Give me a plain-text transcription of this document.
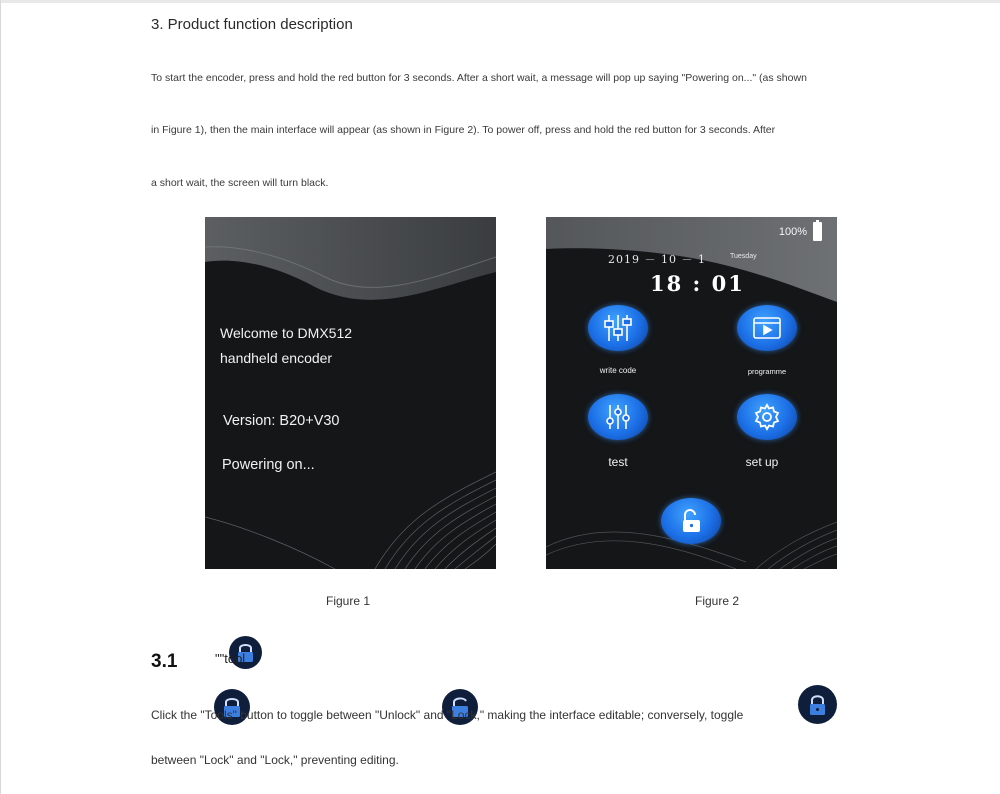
3. Product function description
To start the encoder, press and hold the red button for 3 seconds. After a short wait, a message will pop up saying "Powering on..." (as shown
in Figure 1), then the main interface will appear (as shown in Figure 2). To power off, press and hold the red button for 3 seconds. After
a short wait, the screen will turn black.
Welcome to DMX512
handheld encoder
Version: B20+V30
Powering on...
100%
2019 － 10 － 1	Tuesday
18 : 01
write code	programme
test	set up
Figure 1	Figure 2
3.1	""tool
Click the "Tools" button to toggle between "Unlock" and "Lock," making the interface editable; conversely, toggle
between "Lock" and "Lock," preventing editing.
